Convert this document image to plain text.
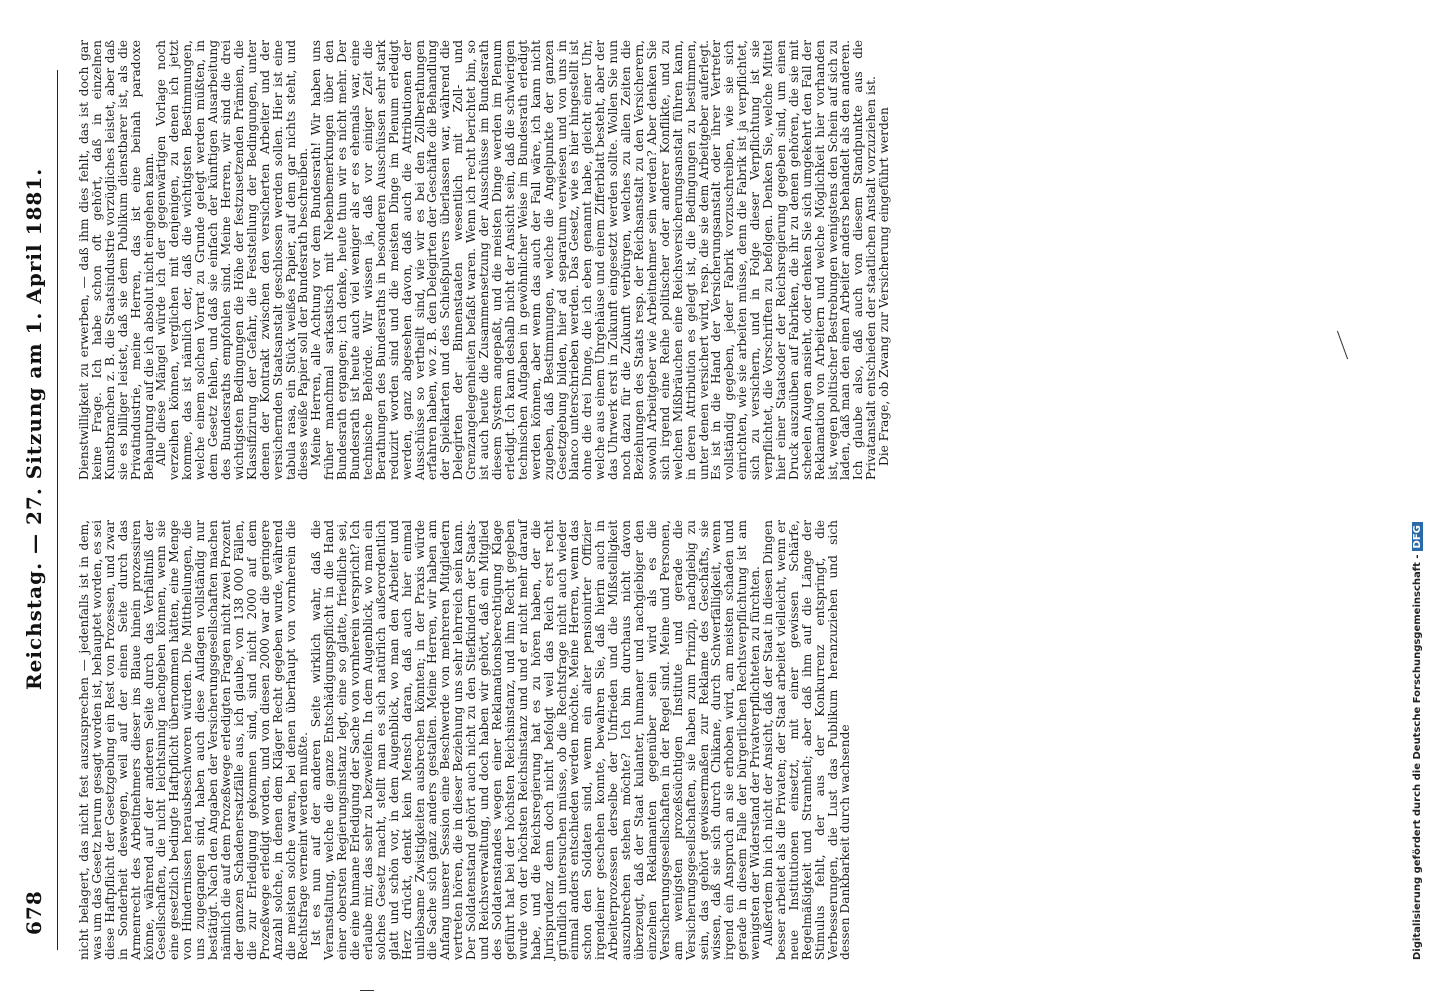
678
Reichstag. — 27. Sitzung am 1. April 1881.

nicht belagert, das nicht fest auszusprechen — jedenfalls ist in dem, was um das Gesetz herum gesagt worden ist, behauptet worden, es sei diese Haftpflicht der Gesetzgebung ein Rest von Prozessen, und zwar in Sonderheit deswegen, weil auf der einen Seite durch das Armenrecht des Arbeitnehmers dieser ins Blaue hinein prozessiren könne, während auf der anderen Seite durch das Verhältniß der Gesellschaften, die nicht leichtsinnig nachgeben können, wenn sie eine gesetzlich bedingte Haftpflicht übernommen hätten, eine Menge von Hindernissen herausbeschworen würden. Die Mittheilungen, die uns zugegangen sind, haben auch diese Auflagen vollständig nur bestätigt. Nach den Angaben der Versicherungsgesellschaften machen nämlich die auf dem Prozeßwege erledigten Fragen nicht zwei Prozent der ganzen Schadenersatzfälle aus, ich glaube, von 138 000 Fällen, die zur Erledigung gekommen sind, sind nicht 2000 auf dem Prozeßwege erledigt worden, und von diesen 2000 war die geringere Anzahl solche, in denen dem Kläger Recht gegeben wurde, während die meisten solche waren, bei denen überhaupt von vornherein die Rechtsfrage verneint werden mußte.

Ist es nun auf der anderen Seite wirklich wahr, daß die Veranstaltung, welche die ganze Entschädigungspflicht in die Hand einer obersten Regierungsinstanz legt, eine so glatte, friedliche sei, die eine humane Erledigung der Sache von vornherein verspricht? Ich erlaube mir, das sehr zu bezweifeln. In dem Augenblick, wo man ein solches Gesetz macht, stellt man es sich natürlich außerordentlich glatt und schön vor, in dem Augenblick, wo man den Arbeiter und Herz drückt, denkt kein Mensch daran, daß auch hier einmal unliebsame Zwistigkeiten ausbrechen könnten; in der Praxis würde die Sache sich ganz anders gestalten. Meine Herren, wir haben am Anfang unserer Session eine Beschwerde von mehreren Mitgliedern vertreten hören, die in dieser Beziehung uns sehr lehrreich sein kann. Der Soldatenstand gehört auch nicht zu den Stiefkindern der Staats- und Reichsverwaltung, und doch haben wir gehört, daß ein Mitglied des Soldatenstandes wegen einer Reklamationsberechtigung Klage geführt hat bei der höchsten Reichsinstanz, und ihm Recht gegeben wurde von der höchsten Reichsinstanz und und er nicht mehr darauf habe, und die Reichsregierung hat es zu hören haben, der die Jurisprudenz denn doch nicht befolgt weil das Reich erst recht gründlich untersuchen müsse, ob die Rechtsfrage nicht auch wieder einmal anders entschieden werden möchte. Meine Herren, wenn das schon den Soldaten sind, wenn ein alter pensionirter Offizier irgendeiner geschehen konnte, bewahren Sie, daß hierin auch in Arbeiterprozessen derselbe der Unfrieden und die Mißstelligkeit auszubrechen stehen möchte? Ich bin durchaus nicht davon überzeugt, daß der Staat kulanter, humaner und nachgiebiger den einzelnen Reklamanten gegenüber sein wird als es die Versicherungsgesellschaften in der Regel sind. Meine und Personen, am wenigsten prozeßsüchtigen Institute und gerade die Versicherungsgesellschaften, sie haben zum Prinzip, nachgiebig zu sein, das gehört gewissermaßen zur Reklame des Geschäfts, sie wissen, daß sie sich durch Chikane, durch Schwerfälligkeit, wenn irgend ein Anspruch an sie erhoben wird, am meisten schaden und gerade in diesem Falle der bürgerlichen Rechtsverpflichtung ist am wenigsten der Widerstand der Privatverpflichteten zu fürchten.

Außerdem bin ich nicht der Ansicht, daß der Staat in diesen Dingen besser arbeitet als die Privaten; der Staat arbeitet vielleicht, wenn er neue Institutionen einsetzt, mit einer gewissen Schärfe, Regelmäßigkeit und Stramheit; aber daß ihm auf die Länge der Stimulus fehlt, der aus der Konkurrenz entspringt, die Verbesserungen, die Lust das Publikum heranzuziehen und sich dessen Dankbarkeit durch wachsende

Dienstwilligkeit zu erwerben, — daß ihm dies fehlt, das ist doch gar keine Frage. Ich habe schon oft gehört, daß in einzelnen Kunstbranchen z. B. die Staatsindustrie vorzügliches leistet, aber daß sie es billiger leistet, daß sie dem Publikum dienstbarer ist, als die Privatindustrie, meine Herren, das ist eine beinah paradoxe Behauptung auf die ich absolut nicht eingehen kann.

Alle diese Mängel würde ich der gegenwärtigen Vorlage noch verzeihen können, verglichen mit denjenigen, zu denen ich jetzt komme, das ist nämlich der, daß die wichtigsten Bestimmungen, welche einem solchen Vorrat zu Grunde gelegt werden müßten, in dem Gesetz fehlen, und daß sie einfach der künftigen Ausarbeitung des Bundesraths empfohlen sind. Meine Herren, wir sind die drei wichtigsten Bedingungen die Höhe der festzusetzenden Prämien, die Klassifizirung der Gefahr, die Feststellung der Bedingungen, unter denen der Kontrakt zwischen den versicherten Arbeiter und der versichernden Staatsanstalt geschlossen werden sollen. Hier ist eine tabula rasa, ein Stück weißes Papier, auf dem gar nichts steht, und dieses weiße Papier soll der Bundesrath beschreiben.

Meine Herren, alle Achtung vor dem Bundesrath! Wir haben uns früher manchmal sarkastisch mit Nebenbemerkungen über den Bundesrath ergangen; ich denke, heute thun wir es nicht mehr. Der Bundesrath ist heute auch viel weniger als er es ehemals war, eine technische Behörde. Wir wissen ja, daß vor einiger Zeit die Berathungen des Bundesraths in besonderen Ausschüssen sehr stark reduzirt worden sind und die meisten Dinge im Plenum erledigt werden, ganz abgesehen davon, daß auch die Attributionen der Ausschüsse so vertheilt sind, wie wir es bei den Zollberathungen erfahren haben, wo z. B. den Delegirten der Geschäfte die Behandlung der Spielkarten und des Schießpulvers überlassen war, während die Delegirten der Binnenstaaten wesentlich mit Zoll- und Grenzangelegenheiten befaßt waren. Wenn ich recht berichtet bin, so ist auch heute die Zusammensetzung der Ausschüsse im Bundesrath diesem System angepaßt, und die meisten Dinge werden im Plenum erledigt. Ich kann deshalb nicht der Ansicht sein, daß die schwierigen technischen Aufgaben in gewöhnlicher Weise im Bundesrath erledigt werden können, aber wenn das auch der Fall wäre, ich kann nicht zugeben, daß Bestimmungen, welche die Angelpunkte der ganzen Gesetzgebung bilden, hier ad separatum verwiesen und von uns in blanco unterschrieben werden. Das Gesetz, wie es hier hingestellt ist ohne die drei Dinge, die ich eben genannt habe, gleicht einer Uhr, welche aus einem Uhrgehäuse und einem Zifferblatt besteht, aber der das Uhrwerk erst in Zukunft eingesetzt werden sollte. Wollen Sie nun noch dazu für die Zukunft verbürgen, welches zu allen Zeiten die Beziehungen des Staats resp. der Reichsanstalt zu den Versicherern, sowohl Arbeitgeber wie Arbeitnehmer sein werden? Aber denken Sie sich irgend eine Reihe politischer oder anderer Konflikte, und zu welchen Mißbräuchen eine Reichsversicherungsanstalt führen kann, in deren Attribution es gelegt ist, die Bedingungen zu bestimmen, unter denen versichert wird, resp. die sie dem Arbeitgeber auferlegt. Es ist in die Hand der Versicherungsanstalt oder ihrer Vertreter vollständig gegeben, jeder Fabrik vorzuschreiben, wie sie sich einrichten, wie sie arbeiten müsse, denn die Fabrik ist ja verpflichtet, sich zu versichern, und in Folge dieser Verpflichtung ist sie verpflichtet, die Vorschriften zu befolgen. Denken Sie, welche Mittel hier einer Staatsoder der Reichsregierung gegeben sind, um einen Druck auszuüben auf Fabriken, die ihr zu denen gehören, die sie mit scheelen Augen ansieht, oder denken Sie sich umgekehrt den Fall der Reklamation von Arbeitern und welche Möglichkeit hier vorhanden ist, wegen politischer Bestrebungen wenigstens den Schein auf sich zu laden, daß man den einen Arbeiter anders behandelt als den anderen. Ich glaube also, daß auch von diesem Standpunkte aus die Privatanstalt entschieden der staatlichen Anstalt vorzuziehen ist.

Die Frage, ob Zwang zur Versicherung eingeführt werden

Digitalisierung gefördert durch die Deutsche Forschungsgemeinschaft -DFG
